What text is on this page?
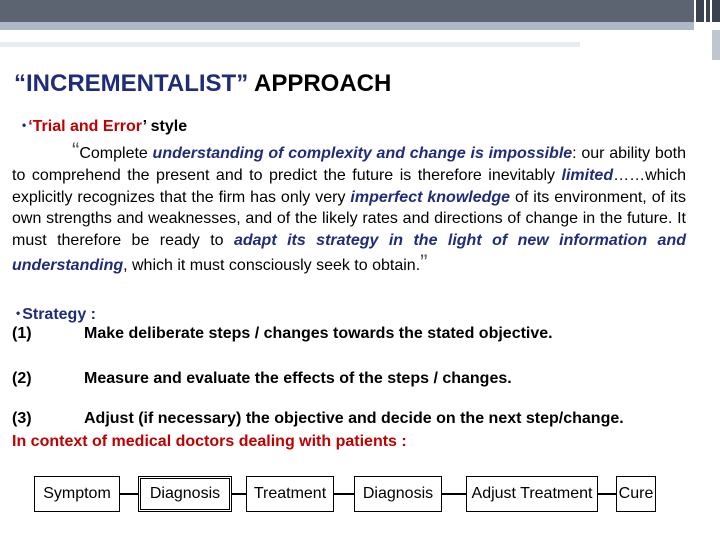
“INCREMENTALIST” APPROACH
• ‘Trial and Error’ style
“Complete understanding of complexity and change is impossible: our ability both to comprehend the present and to predict the future is therefore inevitably limited……which explicitly recognizes that the firm has only very imperfect knowledge of its environment, of its own strengths and weaknesses, and of the likely rates and directions of change in the future. It must therefore be ready to adapt its strategy in the light of new information and understanding, which it must consciously seek to obtain.”
• Strategy :
(1)	Make deliberate steps / changes towards the stated objective.
(2)	Measure and evaluate the effects of the steps / changes.
(3)	Adjust (if necessary) the objective and decide on the next step/change.
In context of medical doctors dealing with patients :
Symptom	Diagnosis	Treatment	Diagnosis	Adjust Treatment	Cure
